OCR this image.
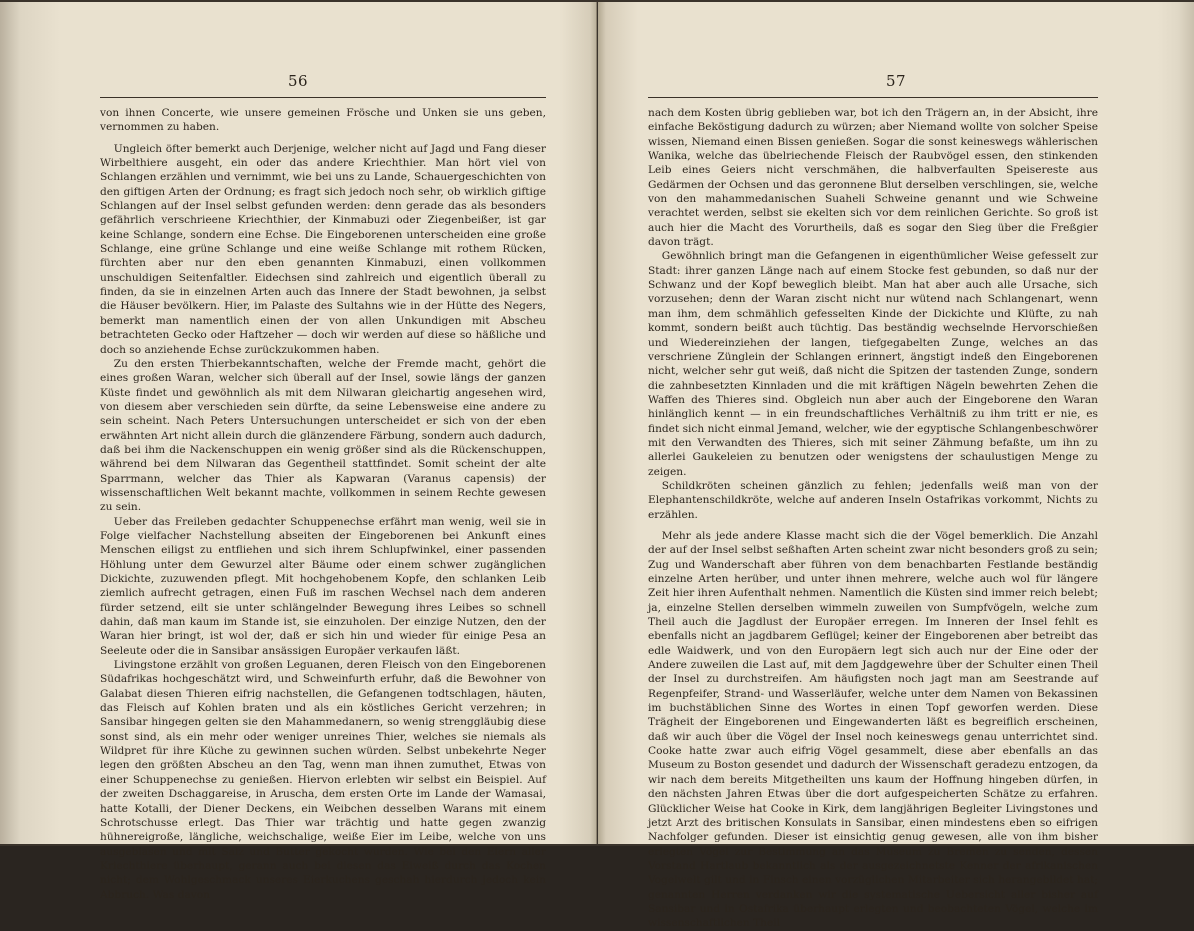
56

von ihnen Concerte, wie unsere gemeinen Frösche und Unken sie uns geben, vernommen zu haben.

Ungleich öfter bemerkt auch Derjenige, welcher nicht auf Jagd und Fang dieser Wirbelthiere ausgeht, ein oder das andere Kriechthier. Man hört viel von Schlangen erzählen und vernimmt, wie bei uns zu Lande, Schauergeschichten von den giftigen Arten der Ordnung; es fragt sich jedoch noch sehr, ob wirklich giftige Schlangen auf der Insel selbst gefunden werden: denn gerade das als besonders gefährlich verschrieene Kriechthier, der Kinmabuzi oder Ziegenbeißer, ist gar keine Schlange, sondern eine Echse. Die Eingeborenen unterscheiden eine große Schlange, eine grüne Schlange und eine weiße Schlange mit rothem Rücken, fürchten aber nur den eben genannten Kinmabuzi, einen vollkommen unschuldigen Seitenfaltler. Eidechsen sind zahlreich und eigentlich überall zu finden, da sie in einzelnen Arten auch das Innere der Stadt bewohnen, ja selbst die Häuser bevölkern. Hier, im Palaste des Sultahns wie in der Hütte des Negers, bemerkt man namentlich einen der von allen Unkundigen mit Abscheu betrachteten Gecko oder Haftzeher — doch wir werden auf diese so häßliche und doch so anziehende Echse zurückzukommen haben.

Zu den ersten Thierbekanntschaften, welche der Fremde macht, gehört die eines großen Waran, welcher sich überall auf der Insel, sowie längs der ganzen Küste findet und gewöhnlich als mit dem Nilwaran gleichartig angesehen wird, von diesem aber verschieden sein dürfte, da seine Lebensweise eine andere zu sein scheint. Nach Peters Untersuchungen unterscheidet er sich von der eben erwähnten Art nicht allein durch die glänzendere Färbung, sondern auch dadurch, daß bei ihm die Nackenschuppen ein wenig größer sind als die Rückenschuppen, während bei dem Nilwaran das Gegentheil stattfindet. Somit scheint der alte Sparrmann, welcher das Thier als Kapwaran (Varanus capensis) der wissenschaftlichen Welt bekannt machte, vollkommen in seinem Rechte gewesen zu sein.

Ueber das Freileben gedachter Schuppenechse erfährt man wenig, weil sie in Folge vielfacher Nachstellung abseiten der Eingeborenen bei Ankunft eines Menschen eiligst zu entfliehen und sich ihrem Schlupfwinkel, einer passenden Höhlung unter dem Gewurzel alter Bäume oder einem schwer zugänglichen Dickichte, zuzuwenden pflegt. Mit hochgehobenem Kopfe, den schlanken Leib ziemlich aufrecht getragen, einen Fuß im raschen Wechsel nach dem anderen fürder setzend, eilt sie unter schlängelnder Bewegung ihres Leibes so schnell dahin, daß man kaum im Stande ist, sie einzuholen. Der einzige Nutzen, den der Waran hier bringt, ist wol der, daß er sich hin und wieder für einige Pesa an Seeleute oder die in Sansibar ansässigen Europäer verkaufen läßt.

Livingstone erzählt von großen Leguanen, deren Fleisch von den Eingeborenen Südafrikas hochgeschätzt wird, und Schweinfurth erfuhr, daß die Bewohner von Galabat diesen Thieren eifrig nachstellen, die Gefangenen todtschlagen, häuten, das Fleisch auf Kohlen braten und als ein köstliches Gericht verzehren; in Sansibar hingegen gelten sie den Mahammedanern, so wenig strenggläubig diese sonst sind, als ein mehr oder weniger unreines Thier, welches sie niemals als Wildpret für ihre Küche zu gewinnen suchen würden. Selbst unbekehrte Neger legen den größten Abscheu an den Tag, wenn man ihnen zumuthet, Etwas von einer Schuppenechse zu genießen. Hiervon erlebten wir selbst ein Beispiel. Auf der zweiten Dschaggareise, in Aruscha, dem ersten Orte im Lande der Wamasai, hatte Kotalli, der Diener Deckens, ein Weibchen desselben Warans mit einem Schrotschusse erlegt. Das Thier war trächtig und hatte gegen zwanzig hühnereigroße, längliche, weichschalige, weiße Eier im Leibe, welche von uns ausgeblasen und mit Salz und Butter gekocht wurden. Wie bei den Eiern aller Kriechthiere überhaupt, gerann auch bei diesen das Eiweiß durch das Kochen nicht; dem Wohlgeschmack unseres Eierkuchens geschah hierdurch jedoch kein Abbruch. Was davon

57

nach dem Kosten übrig geblieben war, bot ich den Trägern an, in der Absicht, ihre einfache Beköstigung dadurch zu würzen; aber Niemand wollte von solcher Speise wissen, Niemand einen Bissen genießen. Sogar die sonst keineswegs wählerischen Wanika, welche das übelriechende Fleisch der Raubvögel essen, den stinkenden Leib eines Geiers nicht verschmähen, die halbverfaulten Speisereste aus Gedärmen der Ochsen und das geronnene Blut derselben verschlingen, sie, welche von den mahammedanischen Suaheli Schweine genannt und wie Schweine verachtet werden, selbst sie ekelten sich vor dem reinlichen Gerichte. So groß ist auch hier die Macht des Vorurtheils, daß es sogar den Sieg über die Freßgier davon trägt.

Gewöhnlich bringt man die Gefangenen in eigenthümlicher Weise gefesselt zur Stadt: ihrer ganzen Länge nach auf einem Stocke fest gebunden, so daß nur der Schwanz und der Kopf beweglich bleibt. Man hat aber auch alle Ursache, sich vorzusehen; denn der Waran zischt nicht nur wütend nach Schlangenart, wenn man ihm, dem schmählich gefesselten Kinde der Dickichte und Klüfte, zu nah kommt, sondern beißt auch tüchtig. Das beständig wechselnde Hervorschießen und Wiedereinziehen der langen, tiefgegabelten Zunge, welches an das verschriene Zünglein der Schlangen erinnert, ängstigt indeß den Eingeborenen nicht, welcher sehr gut weiß, daß nicht die Spitzen der tastenden Zunge, sondern die zahnbesetzten Kinnladen und die mit kräftigen Nägeln bewehrten Zehen die Waffen des Thieres sind. Obgleich nun aber auch der Eingeborene den Waran hinlänglich kennt — in ein freundschaftliches Verhältniß zu ihm tritt er nie, es findet sich nicht einmal Jemand, welcher, wie der egyptische Schlangenbeschwörer mit den Verwandten des Thieres, sich mit seiner Zähmung befaßte, um ihn zu allerlei Gaukeleien zu benutzen oder wenigstens der schaulustigen Menge zu zeigen.

Schildkröten scheinen gänzlich zu fehlen; jedenfalls weiß man von der Elephantenschildkröte, welche auf anderen Inseln Ostafrikas vorkommt, Nichts zu erzählen.

Mehr als jede andere Klasse macht sich die der Vögel bemerklich. Die Anzahl der auf der Insel selbst seßhaften Arten scheint zwar nicht besonders groß zu sein; Zug und Wanderschaft aber führen von dem benachbarten Festlande beständig einzelne Arten herüber, und unter ihnen mehrere, welche auch wol für längere Zeit hier ihren Aufenthalt nehmen. Namentlich die Küsten sind immer reich belebt; ja, einzelne Stellen derselben wimmeln zuweilen von Sumpfvögeln, welche zum Theil auch die Jagdlust der Europäer erregen. Im Inneren der Insel fehlt es ebenfalls nicht an jagdbarem Geflügel; keiner der Eingeborenen aber betreibt das edle Waidwerk, und von den Europäern legt sich auch nur der Eine oder der Andere zuweilen die Last auf, mit dem Jagdgewehre über der Schulter einen Theil der Insel zu durchstreifen. Am häufigsten noch jagt man am Seestrande auf Regenpfeifer, Strand- und Wasserläufer, welche unter dem Namen von Bekassinen im buchstäblichen Sinne des Wortes in einen Topf geworfen werden. Diese Trägheit der Eingeborenen und Eingewanderten läßt es begreiflich erscheinen, daß wir auch über die Vögel der Insel noch keineswegs genau unterrichtet sind. Cooke hatte zwar auch eifrig Vögel gesammelt, diese aber ebenfalls an das Museum zu Boston gesendet und dadurch der Wissenschaft geradezu entzogen, da wir nach dem bereits Mitgetheilten uns kaum der Hoffnung hingeben dürfen, in den nächsten Jahren Etwas über die dort aufgespeicherten Schätze zu erfahren. Glücklicher Weise hat Cooke in Kirk, dem langjährigen Begleiter Livingstones und jetzt Arzt des britischen Konsulats in Sansibar, einen mindestens eben so eifrigen Nachfolger gefunden. Dieser ist einsichtig genug gewesen, alle von ihm bisher erlegten Vögel zur Bestimmung an das Museum zu Bremen zu senden, dessen Vorstand Hartlaub bekanntlich als der ausgezeichnetste Kenner der afrikanischen Vogelwelt gilt und in Finsch einen vorzüglichen Mitarbeiter sich herangebildet hat; genannten Herren verdanken wir die systematische Uebersicht aller bisher auf Sansibar und in Ostafrika überhaupt erlegten und beobachteten Vögel, welche im wissenschaftlichen Theil
